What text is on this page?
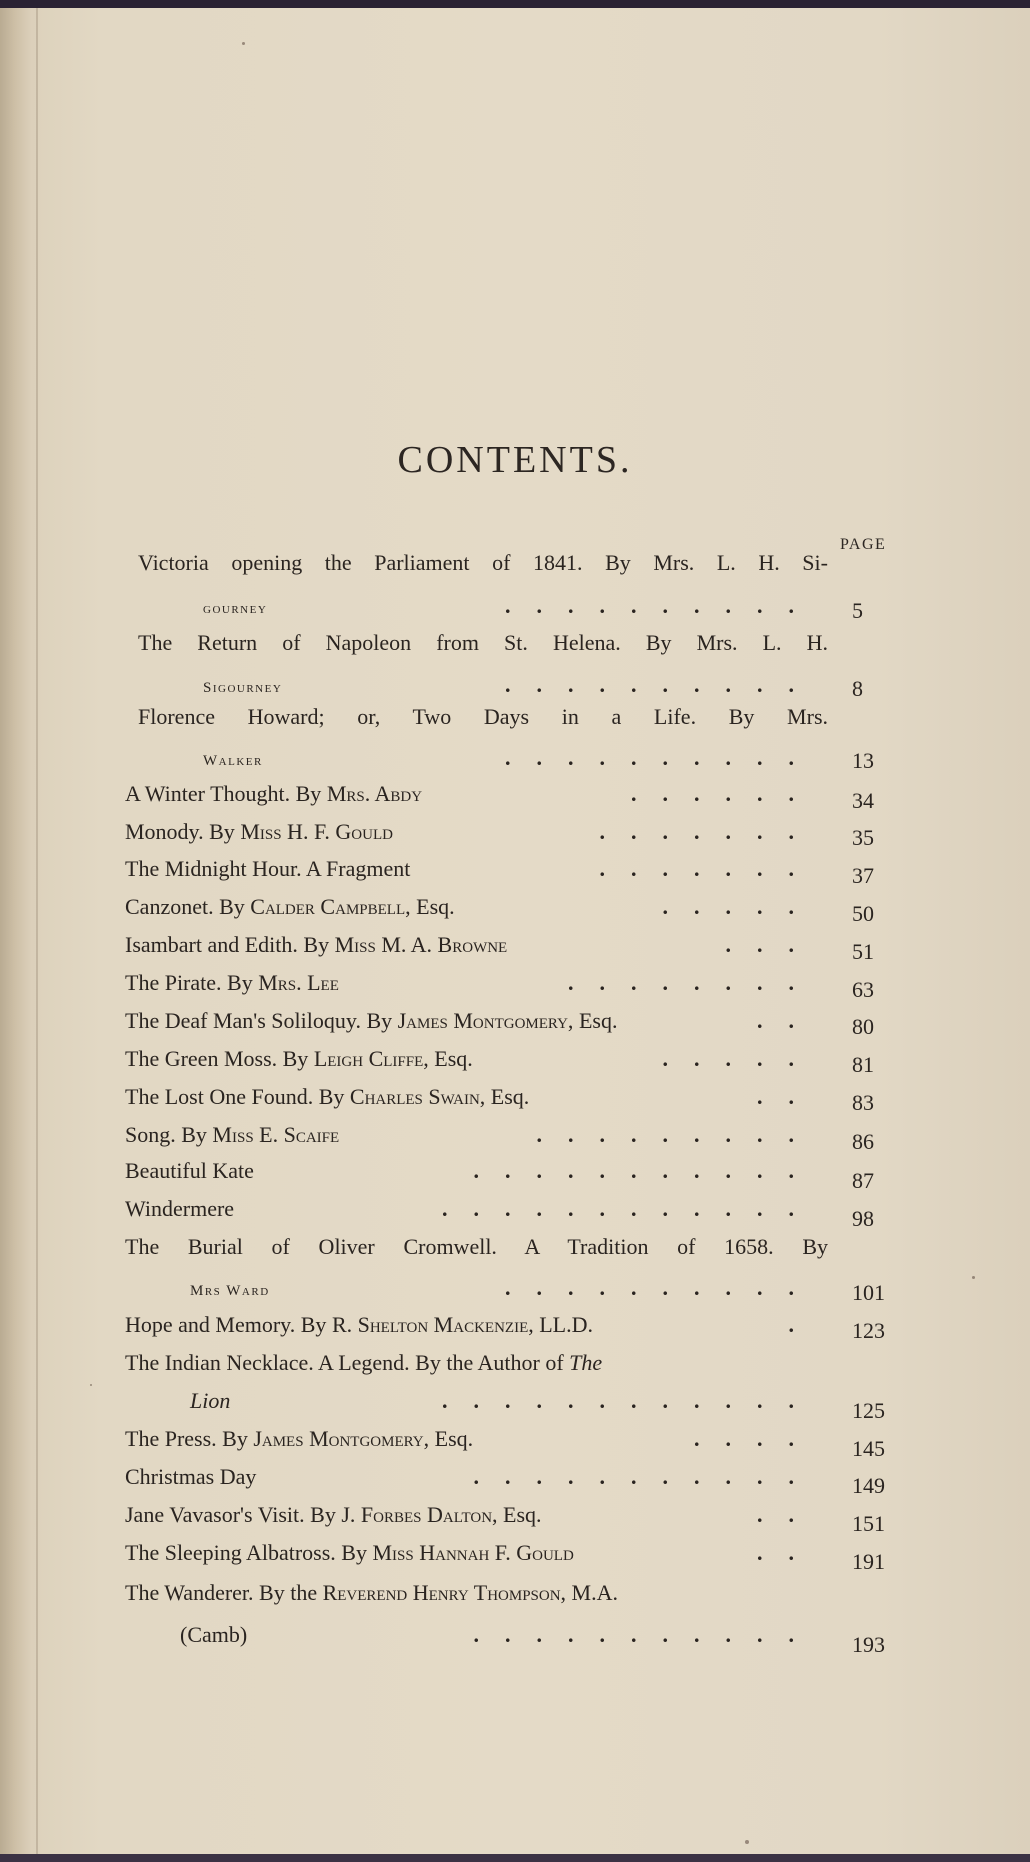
CONTENTS.
PAGE
Victoria opening the Parliament of 1841. By Mrs. L. H. Si-
gourney	.......... 5
The Return of Napoleon from St. Helena. By Mrs. L. H.
Sigourney	.......... 8
Florence Howard; or, Two Days in a Life. By Mrs.
Walker	.......... 13
A Winter Thought. By Mrs. Abdy	...... 34
Monody. By Miss H. F. Gould	....... 35
The Midnight Hour. A Fragment	....... 37
Canzonet. By Calder Campbell, Esq.	..... 50
Isambart and Edith. By Miss M. A. Browne	... 51
The Pirate. By Mrs. Lee	........ 63
The Deaf Man's Soliloquy. By James Montgomery, Esq.	.. 80
The Green Moss. By Leigh Cliffe, Esq.	..... 81
The Lost One Found. By Charles Swain, Esq.	.. 83
Song. By Miss E. Scaife	......... 86
Beautiful Kate	........... 87
Windermere	............ 98
The Burial of Oliver Cromwell. A Tradition of 1658. By
Mrs Ward	.......... 101
Hope and Memory. By R. Shelton Mackenzie, LL.D.	. 123
The Indian Necklace. A Legend. By the Author of The
Lion	............ 125
The Press. By James Montgomery, Esq.	.... 145
Christmas Day	........... 149
Jane Vavasor's Visit. By J. Forbes Dalton, Esq.	.. 151
The Sleeping Albatross. By Miss Hannah F. Gould	.. 191
The Wanderer. By the Reverend Henry Thompson, M.A.
(Camb)	........... 193
